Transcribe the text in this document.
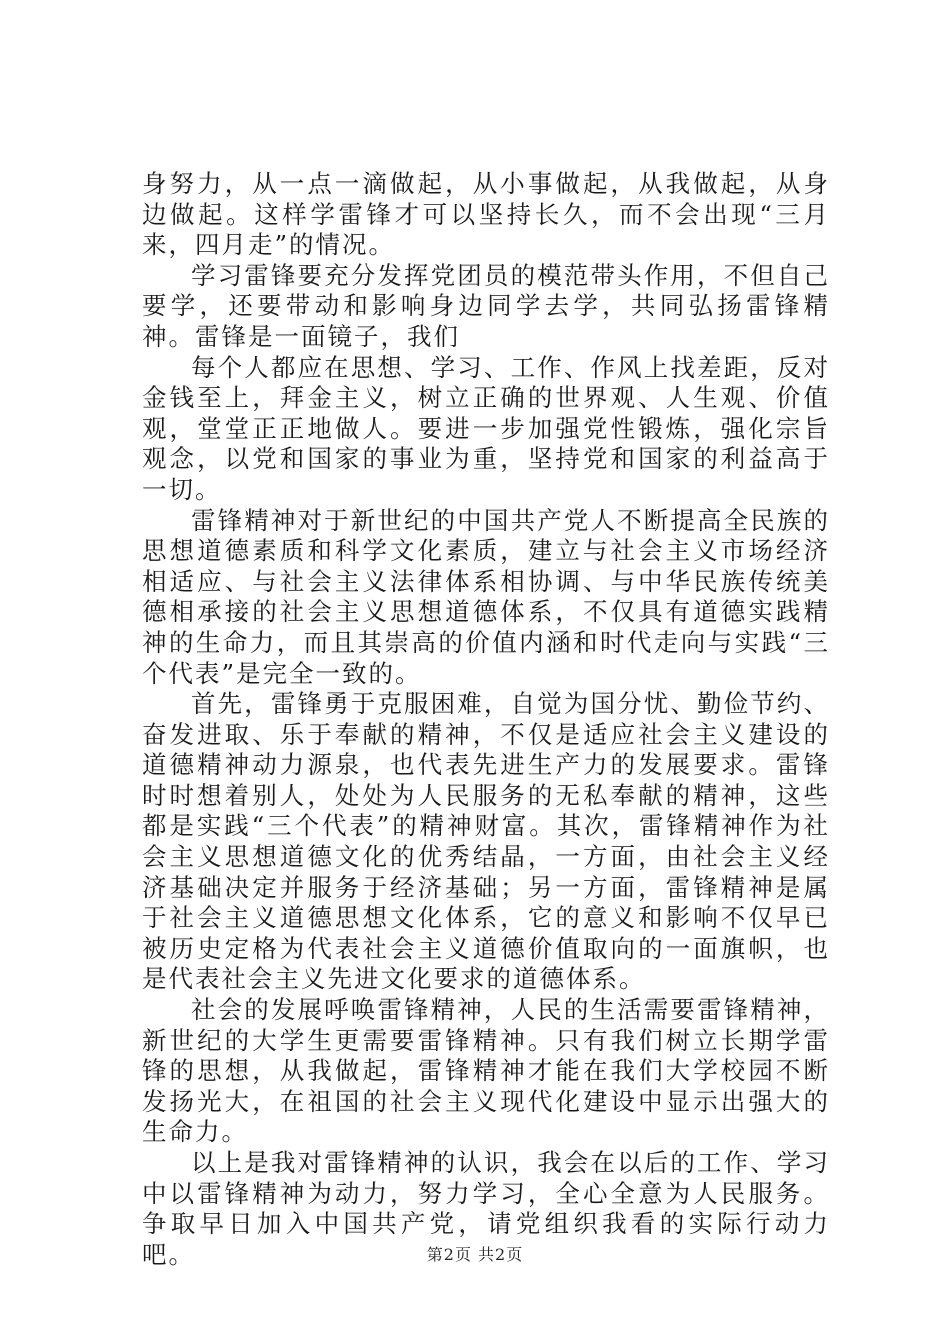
身努力，从一点一滴做起，从小事做起，从我做起，从身边做起。这样学雷锋才可以坚持长久，而不会出现“三月来，四月走”的情况。

学习雷锋要充分发挥党团员的模范带头作用，不但自己要学，还要带动和影响身边同学去学，共同弘扬雷锋精神。雷锋是一面镜子，我们

每个人都应在思想、学习、工作、作风上找差距，反对金钱至上，拜金主义，树立正确的世界观、人生观、价值观，堂堂正正地做人。要进一步加强党性锻炼，强化宗旨观念，以党和国家的事业为重，坚持党和国家的利益高于一切。

雷锋精神对于新世纪的中国共产党人不断提高全民族的思想道德素质和科学文化素质，建立与社会主义市场经济相适应、与社会主义法律体系相协调、与中华民族传统美德相承接的社会主义思想道德体系，不仅具有道德实践精神的生命力，而且其崇高的价值内涵和时代走向与实践“三个代表”是完全一致的。

首先，雷锋勇于克服困难，自觉为国分忧、勤俭节约、奋发进取、乐于奉献的精神，不仅是适应社会主义建设的道德精神动力源泉，也代表先进生产力的发展要求。雷锋时时想着别人，处处为人民服务的无私奉献的精神，这些都是实践“三个代表”的精神财富。其次，雷锋精神作为社会主义思想道德文化的优秀结晶，一方面，由社会主义经济基础决定并服务于经济基础；另一方面，雷锋精神是属于社会主义道德思想文化体系，它的意义和影响不仅早已被历史定格为代表社会主义道德价值取向的一面旗帜，也是代表社会主义先进文化要求的道德体系。

社会的发展呼唤雷锋精神，人民的生活需要雷锋精神，新世纪的大学生更需要雷锋精神。只有我们树立长期学雷锋的思想，从我做起，雷锋精神才能在我们大学校园不断发扬光大，在祖国的社会主义现代化建设中显示出强大的生命力。

以上是我对雷锋精神的认识，我会在以后的工作、学习中以雷锋精神为动力，努力学习，全心全意为人民服务。争取早日加入中国共产党，请党组织我看的实际行动力吧。	第2页 共2页
